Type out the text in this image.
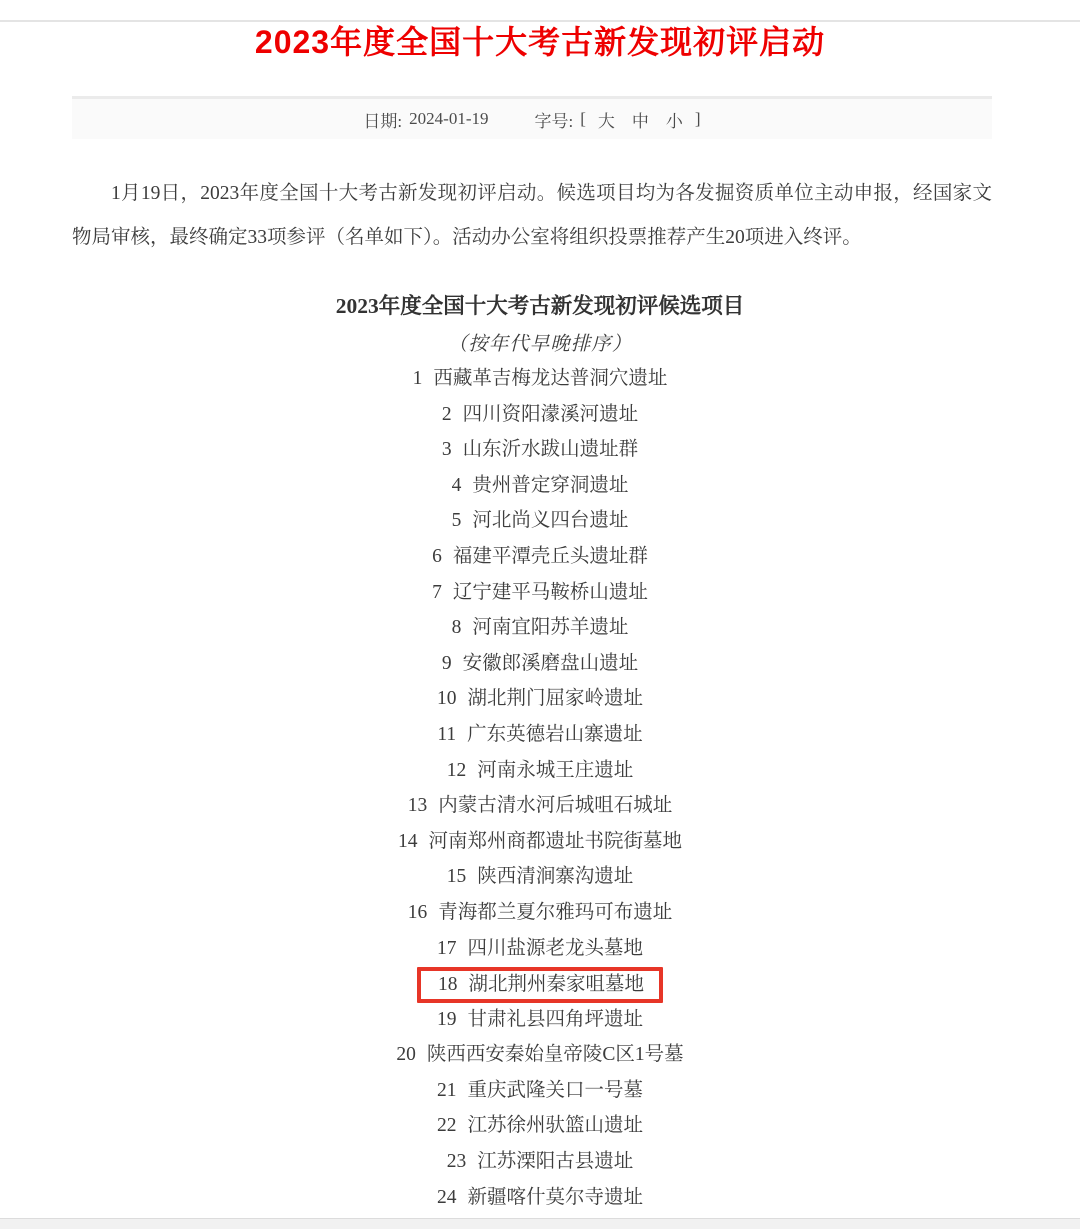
2023年度全国十大考古新发现初评启动
日期: 2024-01-19	字号: [ 大 中 小 ]

1月19日，2023年度全国十大考古新发现初评启动。候选项目均为各发掘资质单位主动申报，经国家文物局审核，最终确定33项参评（名单如下）。活动办公室将组织投票推荐产生20项进入终评。

2023年度全国十大考古新发现初评候选项目
（按年代早晚排序）
1 西藏革吉梅龙达普洞穴遗址
2 四川资阳濛溪河遗址
3 山东沂水跋山遗址群
4 贵州普定穿洞遗址
5 河北尚义四台遗址
6 福建平潭壳丘头遗址群
7 辽宁建平马鞍桥山遗址
8 河南宜阳苏羊遗址
9 安徽郎溪磨盘山遗址
10 湖北荆门屈家岭遗址
11 广东英德岩山寨遗址
12 河南永城王庄遗址
13 内蒙古清水河后城咀石城址
14 河南郑州商都遗址书院街墓地
15 陕西清涧寨沟遗址
16 青海都兰夏尔雅玛可布遗址
17 四川盐源老龙头墓地
18 湖北荆州秦家咀墓地
19 甘肃礼县四角坪遗址
20 陕西西安秦始皇帝陵C区1号墓
21 重庆武隆关口一号墓
22 江苏徐州驮篮山遗址
23 江苏溧阳古县遗址
24 新疆喀什莫尔寺遗址
